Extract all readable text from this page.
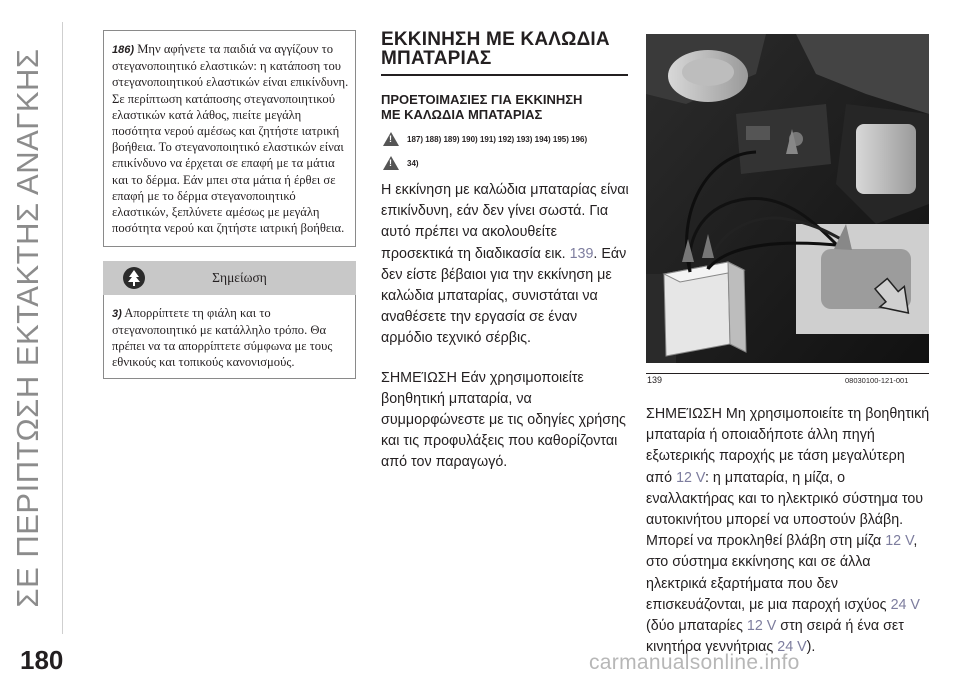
ΣΕ ΠΕΡΙΠΤΩΣΗ ΕΚΤΑΚΤΗΣ ΑΝΑΓΚΗΣ
180
186) Μην αφήνετε τα παιδιά να αγγίζουν το στεγανοποιητικό ελαστικών: η κατάποση του στεγανοποιητικού ελαστικών είναι επικίνδυνη. Σε περίπτωση κατάποσης στεγανοποιητικού ελαστικών κατά λάθος, πιείτε μεγάλη ποσότητα νερού αμέσως και ζητήστε ιατρική βοήθεια. Το στεγανοποιητικό ελαστικών είναι επικίνδυνο να έρχεται σε επαφή με τα μάτια και το δέρμα. Εάν μπει στα μάτια ή έρθει σε επαφή με το δέρμα στεγανοποιητικό ελαστικών, ξεπλύνετε αμέσως με μεγάλη ποσότητα νερού και ζητήστε ιατρική βοήθεια.
Σημείωση
3) Απορρίπτετε τη φιάλη και το στεγανοποιητικό με κατάλληλο τρόπο. Θα πρέπει να τα απορρίπτετε σύμφωνα με τους εθνικούς και τοπικούς κανονισμούς.
ΕΚΚΙΝΗΣΗ ΜΕ ΚΑΛΩΔΙΑ
ΜΠΑΤΑΡΙΑΣ
ΠΡΟΕΤΟΙΜΑΣΙΕΣ ΓΙΑ ΕΚΚΙΝΗΣΗ
ΜΕ ΚΑΛΩΔΙΑ ΜΠΑΤΑΡΙΑΣ
!
187) 188) 189) 190) 191) 192) 193) 194) 195) 196)
!
34)

Η εκκίνηση με καλώδια μπαταρίας είναι επικίνδυνη, εάν δεν γίνει σωστά. Για αυτό πρέπει να ακολουθείτε προσεκτικά τη διαδικασία εικ. 139. Εάν δεν είστε βέβαιοι για την εκκίνηση με καλώδια μπαταρίας, συνιστάται να αναθέσετε την εργασία σε έναν αρμόδιο τεχνικό σέρβις.

ΣΗΜΕΊΩΣΗ Εάν χρησιμοποιείτε βοηθητική μπαταρία, να συμμορφώνεστε με τις οδηγίες χρήσης και τις προφυλάξεις που καθορίζονται από τον παραγωγό.

139	08030100-121-001
ΣΗΜΕΊΩΣΗ Μη χρησιμοποιείτε τη βοηθητική μπαταρία ή οποιαδήποτε άλλη πηγή εξωτερικής παροχής με τάση μεγαλύτερη από 12 V: η μπαταρία, η μίζα, ο εναλλακτήρας και το ηλεκτρικό σύστημα του αυτοκινήτου μπορεί να υποστούν βλάβη. Μπορεί να προκληθεί βλάβη στη μίζα 12 V, στο σύστημα εκκίνησης και σε άλλα ηλεκτρικά εξαρτήματα που δεν επισκευάζονται, με μια παροχή ισχύος 24 V (δύο μπαταρίες 12 V στη σειρά ή ένα σετ κινητήρα γεννήτριας 24 V).
carmanualsonline.info
